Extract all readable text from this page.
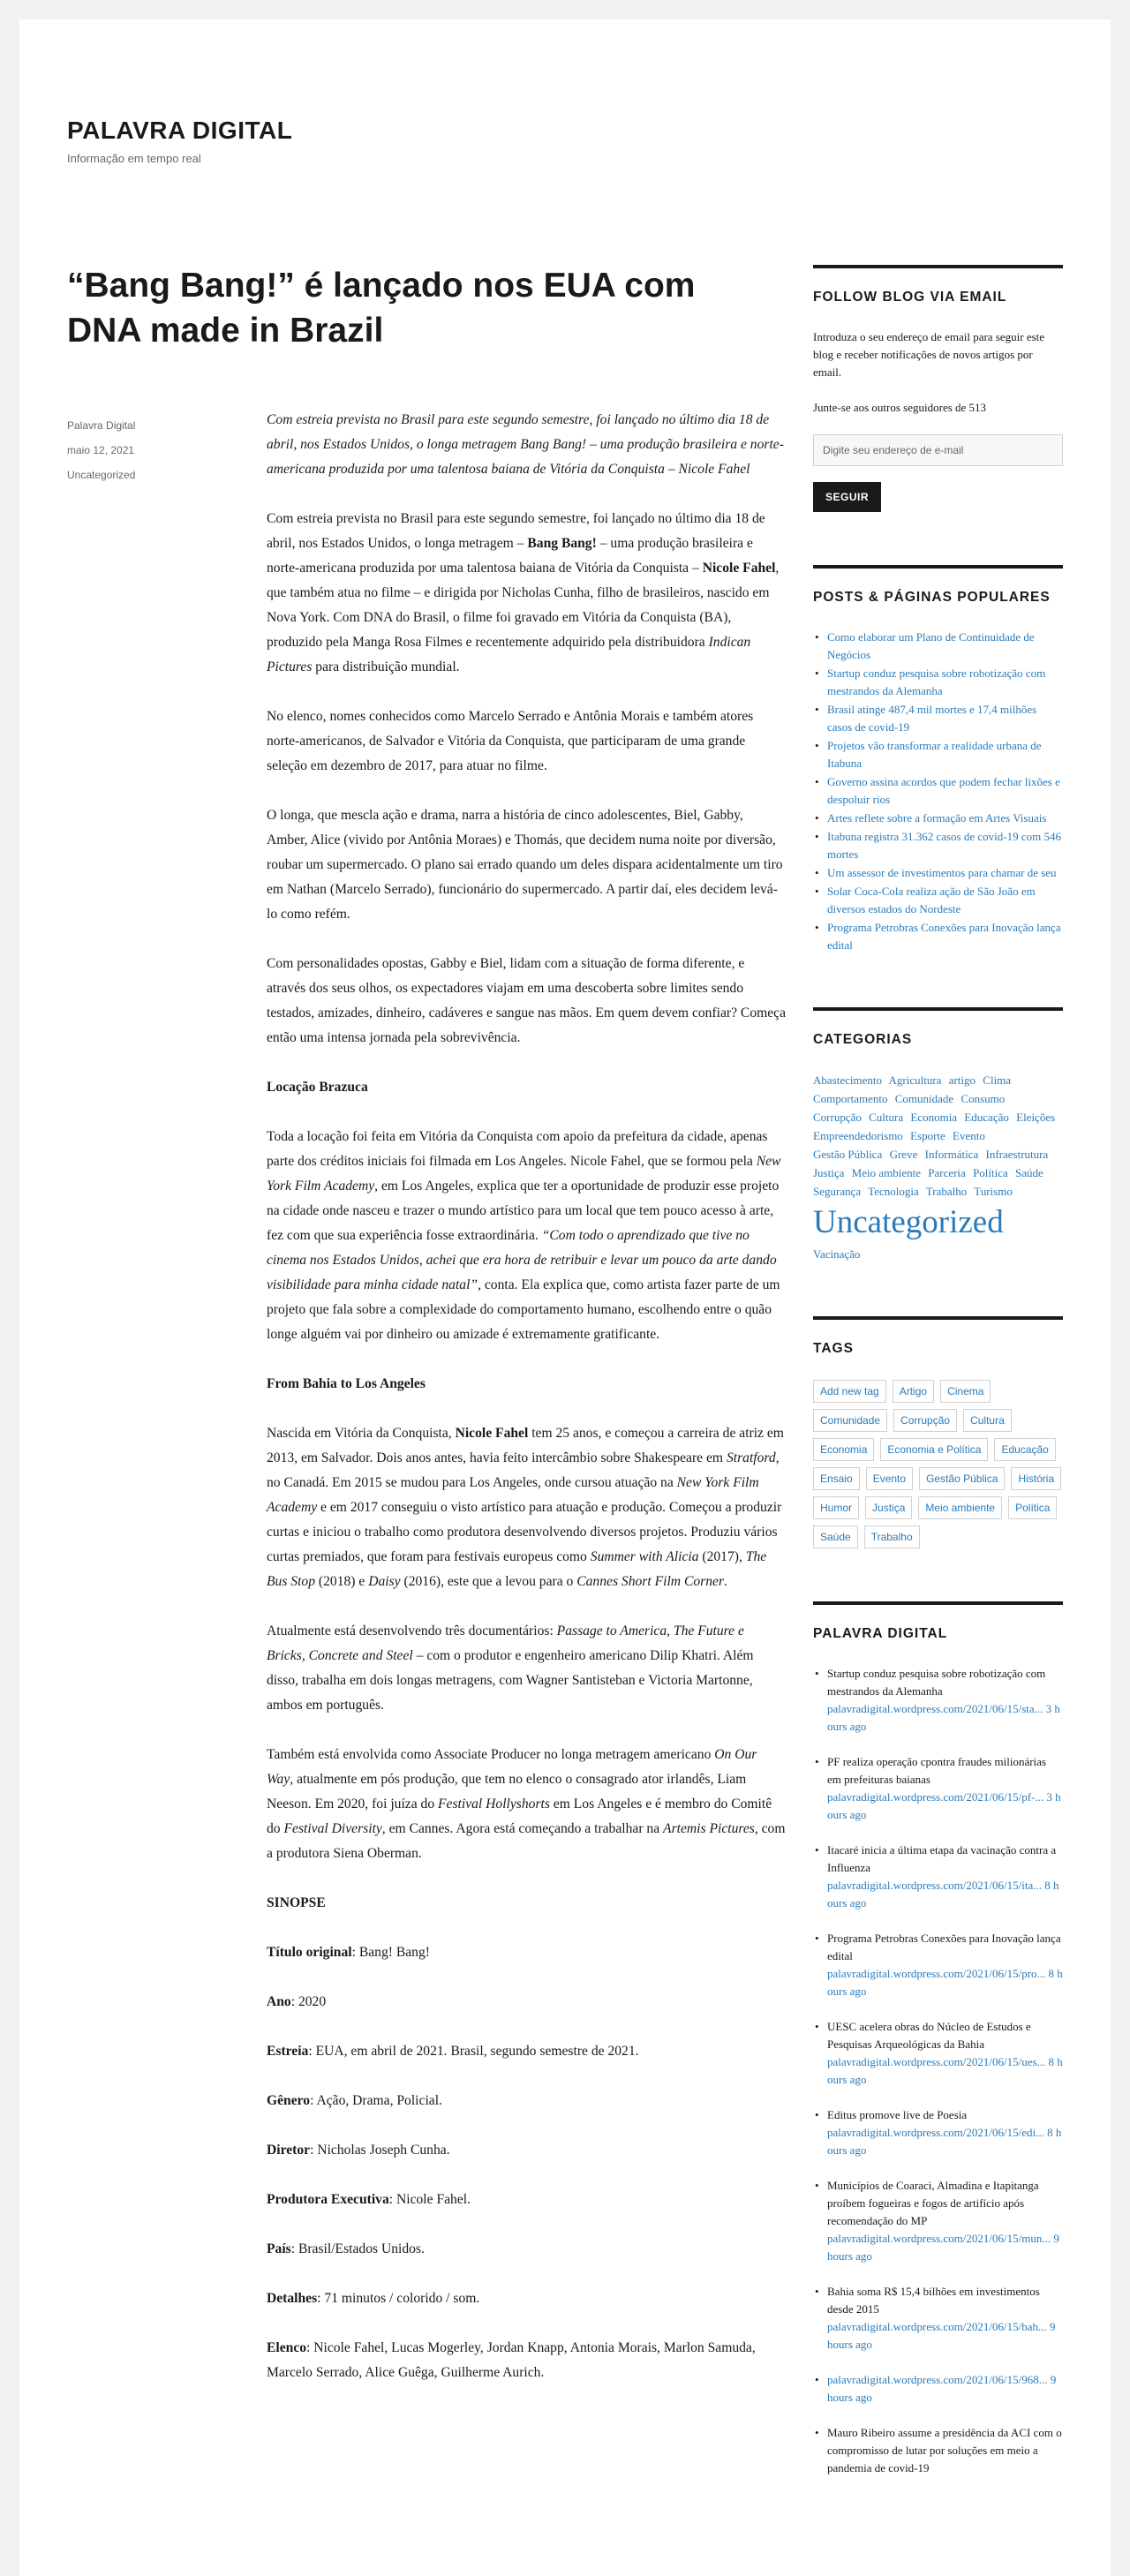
PALAVRA DIGITAL
Informação em tempo real
“Bang Bang!” é lançado nos EUA com DNA made in Brazil
Palavra Digital
maio 12, 2021
Uncategorized

Com estreia prevista no Brasil para este segundo semestre, foi lançado no último dia 18 de abril, nos Estados Unidos, o longa metragem Bang Bang! – uma produção brasileira e norte-americana produzida por uma talentosa baiana de Vitória da Conquista – Nicole Fahel

Com estreia prevista no Brasil para este segundo semestre, foi lançado no último dia 18 de abril, nos Estados Unidos, o longa metragem – Bang Bang! – uma produção brasileira e norte-americana produzida por uma talentosa baiana de Vitória da Conquista – Nicole Fahel, que também atua no filme – e dirigida por Nicholas Cunha, filho de brasileiros, nascido em Nova York. Com DNA do Brasil, o filme foi gravado em Vitória da Conquista (BA), produzido pela Manga Rosa Filmes e recentemente adquirido pela distribuidora Indican Pictures para distribuição mundial.

No elenco, nomes conhecidos como Marcelo Serrado e Antônia Morais e também atores norte-americanos, de Salvador e Vitória da Conquista, que participaram de uma grande seleção em dezembro de 2017, para atuar no filme.

O longa, que mescla ação e drama, narra a história de cinco adolescentes, Biel, Gabby, Amber, Alice (vivido por Antônia Moraes) e Thomás, que decidem numa noite por diversão, roubar um supermercado. O plano sai errado quando um deles dispara acidentalmente um tiro em Nathan (Marcelo Serrado), funcionário do supermercado. A partir daí, eles decidem levá-lo como refém.

Com personalidades opostas, Gabby e Biel, lidam com a situação de forma diferente, e através dos seus olhos, os expectadores viajam em uma descoberta sobre limites sendo testados, amizades, dinheiro, cadáveres e sangue nas mãos. Em quem devem confiar? Começa então uma intensa jornada pela sobrevivência.

Locação Brazuca

Toda a locação foi feita em Vitória da Conquista com apoio da prefeitura da cidade, apenas parte dos créditos iniciais foi filmada em Los Angeles. Nicole Fahel, que se formou pela New York Film Academy, em Los Angeles, explica que ter a oportunidade de produzir esse projeto na cidade onde nasceu e trazer o mundo artístico para um local que tem pouco acesso à arte, fez com que sua experiência fosse extraordinária. “Com todo o aprendizado que tive no cinema nos Estados Unidos, achei que era hora de retribuir e levar um pouco da arte dando visibilidade para minha cidade natal”, conta. Ela explica que, como artista fazer parte de um projeto que fala sobre a complexidade do comportamento humano, escolhendo entre o quão longe alguém vai por dinheiro ou amizade é extremamente gratificante.

From Bahia to Los Angeles

Nascida em Vitória da Conquista, Nicole Fahel tem 25 anos, e começou a carreira de atriz em 2013, em Salvador. Dois anos antes, havia feito intercâmbio sobre Shakespeare em Stratford, no Canadá. Em 2015 se mudou para Los Angeles, onde cursou atuação na New York Film Academy e em 2017 conseguiu o visto artístico para atuação e produção. Começou a produzir curtas e iniciou o trabalho como produtora desenvolvendo diversos projetos. Produziu vários curtas premiados, que foram para festivais europeus como Summer with Alicia (2017), The Bus Stop (2018) e Daisy (2016), este que a levou para o Cannes Short Film Corner.

Atualmente está desenvolvendo três documentários: Passage to America, The Future e Bricks, Concrete and Steel – com o produtor e engenheiro americano Dilip Khatri. Além disso, trabalha em dois longas metragens, com Wagner Santisteban e Victoria Martonne, ambos em português.

Também está envolvida como Associate Producer no longa metragem americano On Our Way, atualmente em pós produção, que tem no elenco o consagrado ator irlandês, Liam Neeson. Em 2020, foi juíza do Festival Hollyshorts em Los Angeles e é membro do Comitê do Festival Diversity, em Cannes. Agora está começando a trabalhar na Artemis Pictures, com a produtora Siena Oberman.

SINOPSE

Título original: Bang! Bang!

Ano: 2020

Estreia: EUA, em abril de 2021. Brasil, segundo semestre de 2021.

Gênero: Ação, Drama, Policial.

Diretor: Nicholas Joseph Cunha.

Produtora Executiva: Nicole Fahel.

País: Brasil/Estados Unidos.

Detalhes: 71 minutos / colorido / som.

Elenco: Nicole Fahel, Lucas Mogerley, Jordan Knapp, Antonia Morais, Marlon Samuda, Marcelo Serrado, Alice Guêga, Guilherme Aurich.

FOLLOW BLOG VIA EMAIL

Introduza o seu endereço de email para seguir este blog e receber notificações de novos artigos por email.

Junte-se aos outros seguidores de 513

Digite seu endereço de e-mail
SEGUIR
POSTS & PÁGINAS POPULARES
• Como elaborar um Plano de Continuidade de Negócios
• Startup conduz pesquisa sobre robotização com mestrandos da Alemanha
• Brasil atinge 487,4 mil mortes e 17,4 milhões casos de covid-19
• Projetos vão transformar a realidade urbana de Itabuna
• Governo assina acordos que podem fechar lixões e despoluir rios
• Artes reflete sobre a formação em Artes Visuais
• Itabuna registra 31.362 casos de covid-19 com 546 mortes
• Um assessor de investimentos para chamar de seu
• Solar Coca-Cola realiza ação de São João em diversos estados do Nordeste
• Programa Petrobras Conexões para Inovação lança edital
CATEGORIAS
Abastecimento Agricultura artigo Clima Comportamento Comunidade Consumo Corrupção Cultura Economia Educação Eleições Empreendedorismo Esporte Evento Gestão Pública Greve Informática Infraestrutura Justiça Meio ambiente Parceria Política Saúde Segurança Tecnologia Trabalho Turismo
Uncategorized
Vacinação
TAGS
Add new tag	Artigo	Cinema
Comunidade	Corrupção	Cultura
Economia	Economia e Política	Educação
Ensaio	Evento	Gestão Pública	História
Humor	Justiça	Meio ambiente	Política
Saúde	Trabalho
PALAVRA DIGITAL
• Startup conduz pesquisa sobre robotização com mestrandos da Alemanha
palavradigital.wordpress.com/2021/06/15/sta... 3 hours ago
• PF realiza operação cpontra fraudes milionárias em prefeituras baianas
palavradigital.wordpress.com/2021/06/15/pf-... 3 hours ago
• Itacaré inicia a última etapa da vacinação contra a Influenza
palavradigital.wordpress.com/2021/06/15/ita... 8 hours ago
• Programa Petrobras Conexões para Inovação lança edital
palavradigital.wordpress.com/2021/06/15/pro... 8 hours ago
• UESC acelera obras do Núcleo de Estudos e Pesquisas Arqueológicas da Bahia
palavradigital.wordpress.com/2021/06/15/ues... 8 hours ago
• Editus promove live de Poesia
palavradigital.wordpress.com/2021/06/15/edi... 8 hours ago
• Municípios de Coaraci, Almadina e Itapitanga proíbem fogueiras e fogos de artifício após recomendação do MP
palavradigital.wordpress.com/2021/06/15/mun... 9 hours ago
• Bahia soma R$ 15,4 bilhões em investimentos desde 2015
palavradigital.wordpress.com/2021/06/15/bah... 9 hours ago
• palavradigital.wordpress.com/2021/06/15/968... 9 hours ago
• Mauro Ribeiro assume a presidência da ACI com o compromisso de lutar por soluções em meio a pandemia de covid-19
